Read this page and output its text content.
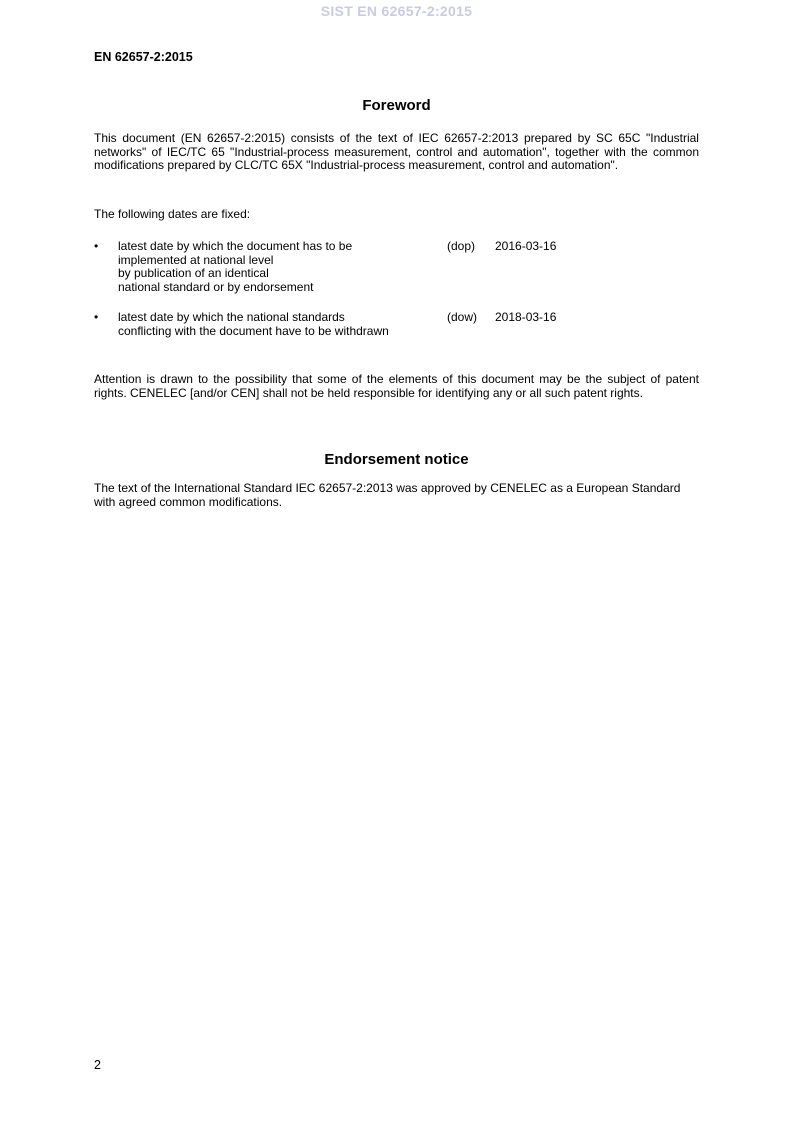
SIST EN 62657-2:2015
EN 62657-2:2015
Foreword
This document (EN 62657-2:2015) consists of the text of IEC 62657-2:2013 prepared by SC 65C "Industrial networks" of IEC/TC 65 "Industrial-process measurement, control and automation", together with the common modifications prepared by CLC/TC 65X "Industrial-process measurement, control and automation".
The following dates are fixed:
• latest date by which the document has to be
implemented at national level
by publication of an identical
national standard or by endorsement
(dop) 2016-03-16
• latest date by which the national standards
conflicting with the document have to be withdrawn
(dow) 2018-03-16
Attention is drawn to the possibility that some of the elements of this document may be the subject of patent rights. CENELEC [and/or CEN] shall not be held responsible for identifying any or all such patent rights.
Endorsement notice
The text of the International Standard IEC 62657-2:2013 was approved by CENELEC as a European Standard with agreed common modifications.
2
